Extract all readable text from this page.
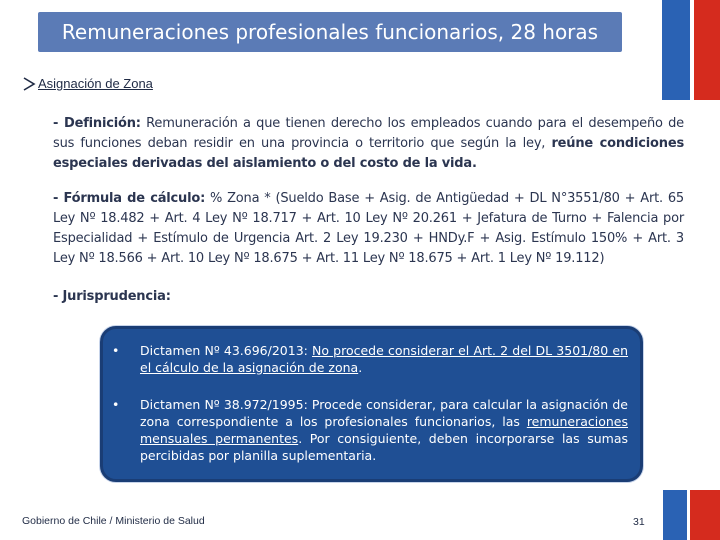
Remuneraciones profesionales funcionarios, 28 horas
Asignación de Zona
- Definición: Remuneración a que tienen derecho los empleados cuando para el desempeño de sus funciones deban residir en una provincia o territorio que según la ley, reúne condiciones especiales derivadas del aislamiento o del costo de la vida.
- Fórmula de cálculo: % Zona * (Sueldo Base + Asig. de Antigüedad + DL N°3551/80 + Art. 65 Ley Nº 18.482 + Art. 4 Ley Nº 18.717 + Art. 10 Ley Nº 20.261 + Jefatura de Turno + Falencia por Especialidad + Estímulo de Urgencia Art. 2 Ley 19.230 + HNDy.F + Asig. Estímulo 150% + Art. 3 Ley Nº 18.566 + Art. 10 Ley Nº 18.675 + Art. 11 Ley Nº 18.675 + Art. 1 Ley Nº 19.112)
- Jurisprudencia:
•	Dictamen Nº 43.696/2013: No procede considerar el Art. 2 del DL 3501/80 en el cálculo de la asignación de zona.
•	Dictamen Nº 38.972/1995: Procede considerar, para calcular la asignación de zona correspondiente a los profesionales funcionarios, las remuneraciones mensuales permanentes. Por consiguiente, deben incorporarse las sumas percibidas por planilla suplementaria.
Gobierno de Chile / Ministerio de Salud	31
